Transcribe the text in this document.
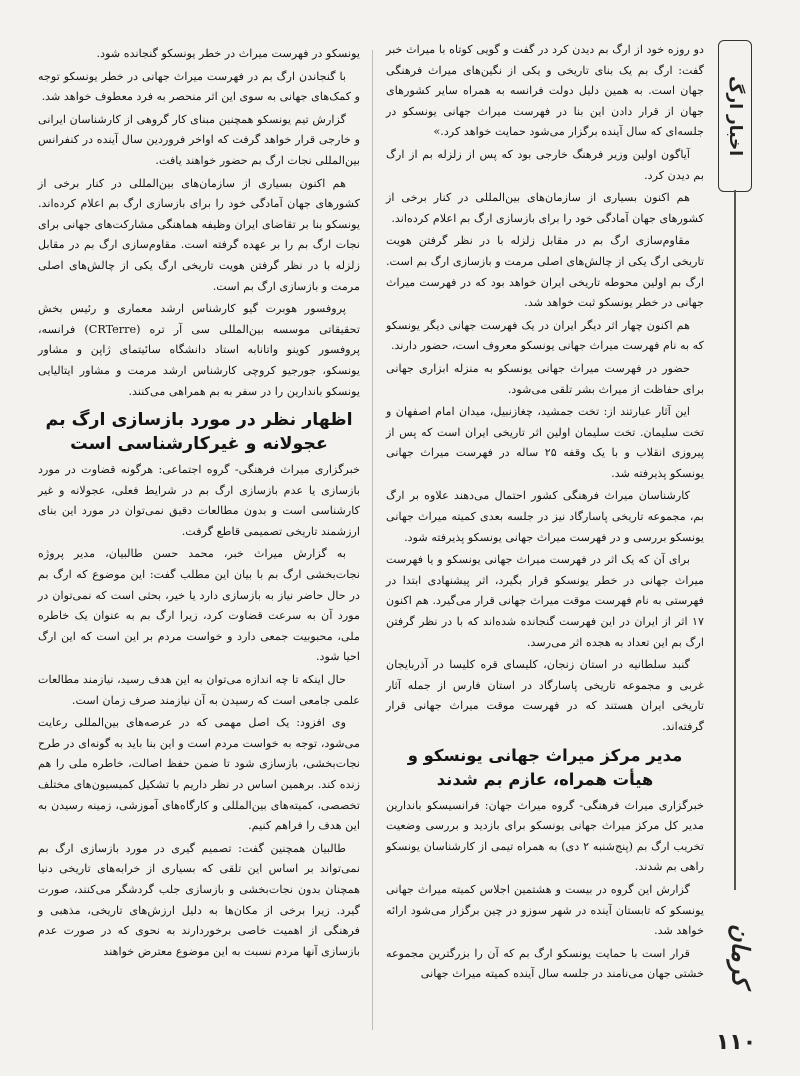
دو روزه خود از ارگ بم دیدن کرد در گفت و گویی کوتاه با میراث خبر گفت: ارگ بم یک بنای تاریخی و یکی از نگین‌های میراث فرهنگی جهان است. به همین دلیل دولت فرانسه به همراه سایر کشورهای جهان از قرار دادن این بنا در فهرست میراث جهانی یونسکو در جلسه‌ای که سال آینده برگزار می‌شود حمایت خواهد کرد.»

آیاگون اولین وزیر فرهنگ خارجی بود که پس از زلزله بم از ارگ بم دیدن کرد.

هم اکنون بسیاری از سازمان‌های بین‌المللی در کنار برخی از کشورهای جهان آمادگی خود را برای بازسازی ارگ بم اعلام کرده‌اند.

مقاوم‌سازی ارگ بم در مقابل زلزله با در نظر گرفتن هویت تاریخی ارگ یکی از چالش‌های اصلی مرمت و بازسازی ارگ بم است. ارگ بم اولین محوطه تاریخی ایران خواهد بود که در فهرست میراث جهانی در خطر یونسکو ثبت خواهد شد.

هم اکنون چهار اثر دیگر ایران در یک فهرست جهانی دیگر یونسکو که به نام فهرست میراث جهانی یونسکو معروف است، حضور دارند.

حضور در فهرست میراث جهانی یونسکو به منزله ابزاری جهانی برای حفاظت از میراث بشر تلقی می‌شود.

این آثار عبارتند از: تخت جمشید، چغازنبیل، میدان امام اصفهان و تخت سلیمان. تخت سلیمان اولین اثر تاریخی ایران است که پس از پیروزی انقلاب و با یک وقفه ۲۵ ساله در فهرست میراث جهانی یونسکو پذیرفته شد.

کارشناسان میراث فرهنگی کشور احتمال می‌دهند علاوه بر ارگ بم، مجموعه تاریخی پاسارگاد نیز در جلسه بعدی کمیته میراث جهانی یونسکو بررسی و در فهرست میراث جهانی یونسکو پذیرفته شود.

برای آن که یک اثر در فهرست میراث جهانی یونسکو و یا فهرست میراث جهانی در خطر یونسکو قرار بگیرد، اثر پیشنهادی ابتدا در فهرستی به نام فهرست موقت میراث جهانی قرار می‌گیرد. هم اکنون ۱۷ اثر از ایران در این فهرست گنجانده شده‌اند که با در نظر گرفتن ارگ بم این تعداد به هجده اثر می‌رسد.

گنبد سلطانیه در استان زنجان، کلیسای قره کلیسا در آذربایجان غربی و مجموعه تاریخی پاسارگاد در استان فارس از جمله آثار تاریخی ایران هستند که در فهرست موقت میراث جهانی قرار گرفته‌اند.

مدیر مرکز میراث جهانی یونسکو و هیأت همراه، عازم بم شدند

خبرگزاری میراث فرهنگی- گروه میراث جهان: فرانسیسکو باندارین مدیر کل مرکز میراث جهانی یونسکو برای بازدید و بررسی وضعیت تخریب ارگ بم (پنج‌شنبه ۲ دی) به همراه تیمی از کارشناسان یونسکو راهی بم شدند.

گزارش این گروه در بیست و هشتمین اجلاس کمیته میراث جهانی یونسکو که تابستان آینده در شهر سوزو در چین برگزار می‌شود ارائه خواهد شد.

قرار است با حمایت یونسکو ارگ بم که آن را بزرگترین مجموعه خشتی جهان می‌نامند در جلسه سال آینده کمیته میراث جهانی

یونسکو در فهرست میراث در خطر یونسکو گنجانده شود.

با گنجاندن ارگ بم در فهرست میراث جهانی در خطر یونسکو توجه و کمک‌های جهانی به سوی این اثر منحصر به فرد معطوف خواهد شد.

گزارش تیم یونسکو همچنین مبنای کار گروهی از کارشناسان ایرانی و خارجی قرار خواهد گرفت که اواخر فروردین سال آینده در کنفرانس بین‌المللی نجات ارگ بم حضور خواهند یافت.

هم اکنون بسیاری از سازمان‌های بین‌المللی در کنار برخی از کشورهای جهان آمادگی خود را برای بازسازی ارگ بم اعلام کرده‌اند. یونسکو بنا بر تقاضای ایران وظیفه هماهنگی مشارکت‌های جهانی برای نجات ارگ بم را بر عهده گرفته است. مقاوم‌سازی ارگ بم در مقابل زلزله با در نظر گرفتن هویت تاریخی ارگ یکی از چالش‌های اصلی مرمت و بازسازی ارگ بم است.

پروفسور هوبرت گیو کارشناس ارشد معماری و رئیس بخش تحقیقاتی موسسه بین‌المللی سی آر تره (CRTerre) فرانسه، پروفسور کوینو واتانابه استاد دانشگاه سائیتمای ژاپن و مشاور یونسکو، جورجیو کروچی کارشناس ارشد مرمت و مشاور ایتالیایی یونسکو باندارین را در سفر به بم همراهی می‌کنند.

اظهار نظر در مورد بازسازی ارگ بم عجولانه و غیرکارشناسی است

خبرگزاری میراث فرهنگی- گروه اجتماعی: هرگونه قضاوت در مورد بازسازی یا عدم بازسازی ارگ بم در شرایط فعلی، عجولانه و غیر کارشناسی است و بدون مطالعات دقیق نمی‌توان در مورد این بنای ارزشمند تاریخی تصمیمی قاطع گرفت.

به گزارش میراث خبر، محمد حسن طالبیان، مدیر پروژه نجات‌بخشی ارگ بم با بیان این مطلب گفت: این موضوع که ارگ بم در حال حاضر نیاز به بازسازی دارد یا خیر، بحثی است که نمی‌توان در مورد آن به سرعت قضاوت کرد، زیرا ارگ بم به عنوان یک خاطره ملی، محبوبیت جمعی دارد و خواست مردم بر این است که این ارگ احیا شود.

حال اینکه تا چه اندازه می‌توان به این هدف رسید، نیازمند مطالعات علمی جامعی است که رسیدن به آن نیازمند صرف زمان است.

وی افزود: یک اصل مهمی که در عرصه‌های بین‌المللی رعایت می‌شود، توجه به خواست مردم است و این بنا باید به گونه‌ای در طرح نجات‌بخشی، بازسازی شود تا ضمن حفظ اصالت، خاطره ملی را هم زنده کند. برهمین اساس در نظر داریم با تشکیل کمیسیون‌های مختلف تخصصی، کمیته‌های بین‌المللی و کارگاه‌های آموزشی، زمینه رسیدن به این هدف را فراهم کنیم.

طالبیان همچنین گفت: تصمیم گیری در مورد بازسازی ارگ بم نمی‌تواند بر اساس این تلقی که بسیاری از خرابه‌های تاریخی دنیا همچنان بدون نجات‌بخشی و بازسازی جلب گردشگر می‌کنند، صورت گیرد. زیرا برخی از مکان‌ها به دلیل ارزش‌های تاریخی، مذهبی و فرهنگی از اهمیت خاصی برخوردارند به نحوی که در صورت عدم بازسازی آنها مردم نسبت به این موضوع معترض خواهند

اخبار ارگ
کرمان
۱۱۰
